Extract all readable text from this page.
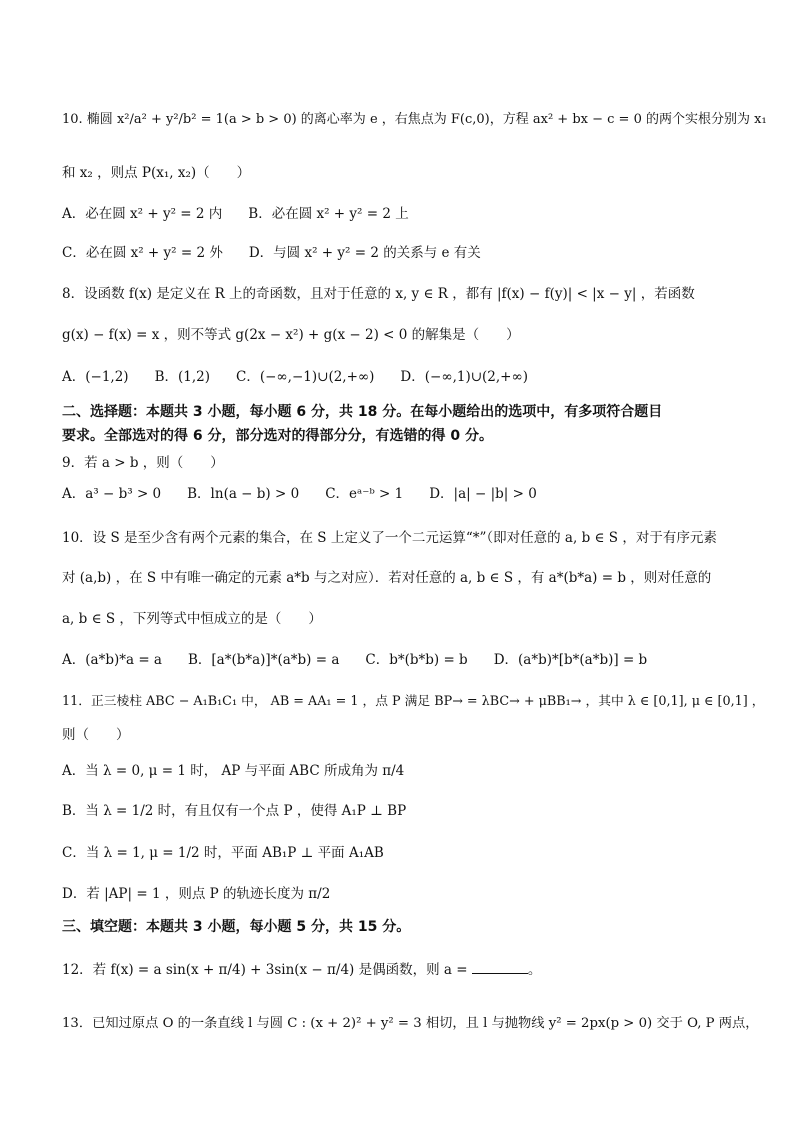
10. 椭圆 x²/a² + y²/b² = 1(a > b > 0) 的离心率为 e ，右焦点为 F(c,0)，方程 ax² + bx − c = 0 的两个实根分别为 x₁
和 x₂ ，则点 P(x₁, x₂)（　　）
A．必在圆 x² + y² = 2 内 B．必在圆 x² + y² = 2 上
C．必在圆 x² + y² = 2 外 D．与圆 x² + y² = 2 的关系与 e 有关
8．设函数 f(x) 是定义在 R 上的奇函数，且对于任意的 x, y ∈ R ，都有 |f(x) − f(y)| < |x − y| ，若函数
g(x) − f(x) = x ，则不等式 g(2x − x²) + g(x − 2) < 0 的解集是（　　）
A．(−1,2) B．(1,2) C．(−∞,−1)∪(2,+∞) D．(−∞,1)∪(2,+∞)
二、选择题：本题共 3 小题，每小题 6 分，共 18 分。在每小题给出的选项中，有多项符合题目
要求。全部选对的得 6 分，部分选对的得部分分，有选错的得 0 分。
9．若 a > b ，则（　　）
A．a³ − b³ > 0 B．ln(a − b) > 0 C．eᵃ⁻ᵇ > 1 D．|a| − |b| > 0
10．设 S 是至少含有两个元素的集合，在 S 上定义了一个二元运算“*”（即对任意的 a, b ∈ S ，对于有序元素
对 (a,b) ，在 S 中有唯一确定的元素 a*b 与之对应）．若对任意的 a, b ∈ S ，有 a*(b*a) = b ，则对任意的
a, b ∈ S ，下列等式中恒成立的是（　　）
A．(a*b)*a = a B．[a*(b*a)]*(a*b) = a C．b*(b*b) = b D．(a*b)*[b*(a*b)] = b
11．正三棱柱 ABC − A₁B₁C₁ 中， AB = AA₁ = 1 ，点 P 满足 BP→ = λBC→ + μBB₁→ ，其中 λ ∈ [0,1], μ ∈ [0,1] ，
则（　　）
A．当 λ = 0, μ = 1 时， AP 与平面 ABC 所成角为 π/4
B．当 λ = 1/2 时，有且仅有一个点 P ，使得 A₁P ⊥ BP
C．当 λ = 1, μ = 1/2 时，平面 AB₁P ⊥ 平面 A₁AB
D．若 |AP| = 1 ，则点 P 的轨迹长度为 π/2
三、填空题：本题共 3 小题，每小题 5 分，共 15 分。
12．若 f(x) = a sin(x + π/4) + 3sin(x − π/4) 是偶函数，则 a =	。
13．已知过原点 O 的一条直线 l 与圆 C : (x + 2)² + y² = 3 相切，且 l 与抛物线 y² = 2px(p > 0) 交于 O, P 两点，
